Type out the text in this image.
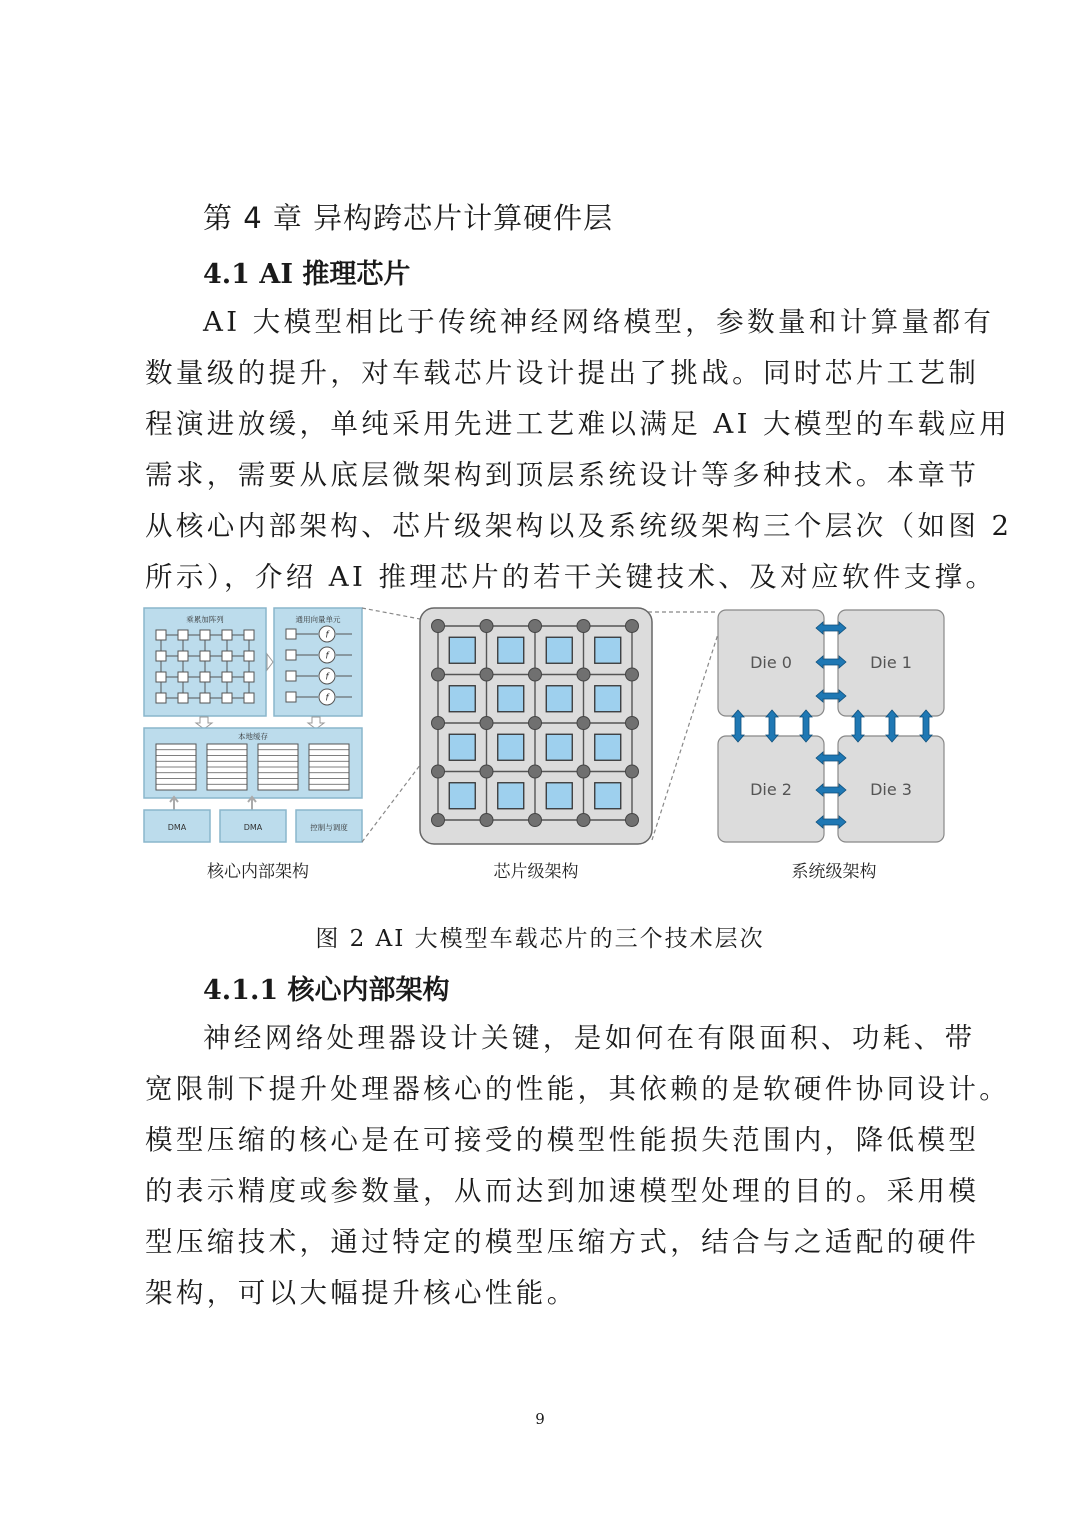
第 4 章 异构跨芯片计算硬件层
4.1 AI 推理芯片
AI 大模型相比于传统神经网络模型，参数量和计算量都有
数量级的提升，对车载芯片设计提出了挑战。同时芯片工艺制
程演进放缓，单纯采用先进工艺难以满足 AI 大模型的车载应用
需求，需要从底层微架构到顶层系统设计等多种技术。本章节
从核心内部架构、芯片级架构以及系统级架构三个层次（如图 2
所示），介绍 AI 推理芯片的若干关键技术、及对应软件支撑。
乘累加阵列	通用向量单元
f
f
f
f
本地缓存
DMA	DMA	控制与调度
核心内部架构	芯片级架构
Die 0	Die 1
Die 2	Die 3
系统级架构
图 2 AI 大模型车载芯片的三个技术层次
4.1.1 核心内部架构
神经网络处理器设计关键，是如何在有限面积、功耗、带
宽限制下提升处理器核心的性能，其依赖的是软硬件协同设计。
模型压缩的核心是在可接受的模型性能损失范围内，降低模型
的表示精度或参数量，从而达到加速模型处理的目的。采用模
型压缩技术，通过特定的模型压缩方式，结合与之适配的硬件
架构，可以大幅提升核心性能。
9
